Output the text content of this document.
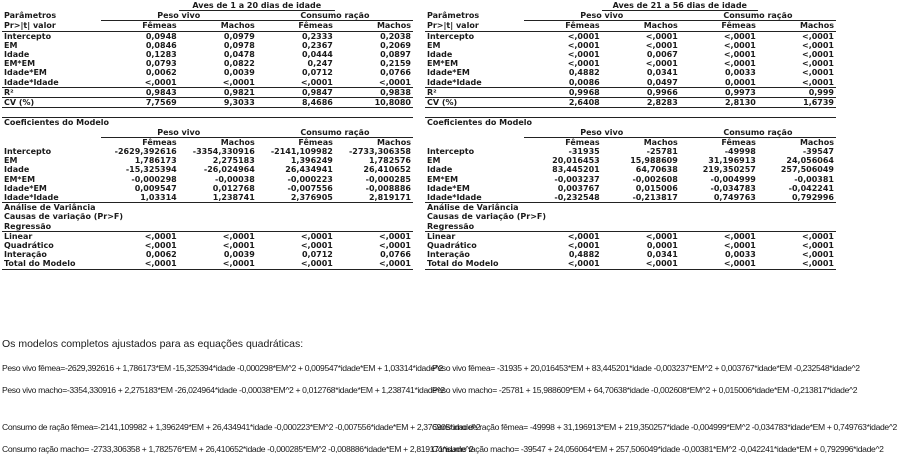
		Aves de 1 a 20 dias de idade		
Parâmetros	Peso vivo		Consumo ração	
Pr>|t| valor	Fêmeas	Machos	Fêmeas	Machos
Intercepto	0,0948	0,0979	0,2333	0,2038
EM	0,0846	0,0978	0,2367	0,2069
Idade	0,1283	0,0478	0,0444	0,0897
EM*EM	0,0793	0,0822	0,247	0,2159
Idade*EM	0,0062	0,0039	0,0712	0,0766
Idade*Idade	<,0001	<,0001	<,0001	<,0001
R²	0,9843	0,9821	0,9847	0,9838
CV (%)	7,7569	9,3033	8,4686	10,8080

Coeficientes do Modelo				
	Peso vivo		Consumo ração	
	Fêmeas	Machos	Fêmeas	Machos
Intercepto	-2629,392616	-3354,330916	-2141,109982	-2733,306358
EM	1,786173	2,275183	1,396249	1,782576
Idade	-15,325394	-26,024964	26,434941	26,410652
EM*EM	-0,000298	-0,00038	-0,000223	-0,000285
Idade*EM	0,009547	0,012768	-0,007556	-0,008886
Idade*Idade	1,03314	1,238741	2,376905	2,819171
Análise de Variância				
Causas de variação (Pr>F)				
Regressão				
Linear	<,0001	<,0001	<,0001	<,0001
Quadrático	<,0001	<,0001	<,0001	<,0001
Interação	0,0062	0,0039	0,0712	0,0766
Total do Modelo	<,0001	<,0001	<,0001	<,0001
		Aves de 21 a 56 dias de idade		
Parâmetros	Peso vivo		Consumo ração	
Pr>|t| valor	Fêmeas	Machos	Fêmeas	Machos
Intercepto	<,0001	<,0001	<,0001	<,0001
EM	<,0001	<,0001	<,0001	<,0001
Idade	<,0001	0,0067	<,0001	<,0001
EM*EM	<,0001	<,0001	<,0001	<,0001
Idade*EM	0,4882	0,0341	0,0033	<,0001
Idade*Idade	0,0086	0,0497	0,0001	<,0001
R²	0,9968	0,9966	0,9973	0,999
CV (%)	2,6408	2,8283	2,8130	1,6739

Coeficientes do Modelo				
	Peso vivo		Consumo ração	
	Fêmeas	Machos	Fêmeas	Machos
Intercepto	-31935	-25781	-49998	-39547
EM	20,016453	15,988609	31,196913	24,056064
Idade	83,445201	64,70638	219,350257	257,506049
EM*EM	-0,003237	-0,002608	-0,004999	-0,00381
Idade*EM	0,003767	0,015006	-0,034783	-0,042241
Idade*Idade	-0,232548	-0,213817	0,749763	0,792996
Análise de Variância				
Causas de variação (Pr>F)				
Regressão				
Linear	<,0001	<,0001	<,0001	<,0001
Quadrático	<,0001	0,0001	<,0001	<,0001
Interação	0,4882	0,0341	0,0033	<,0001
Total do Modelo	<,0001	<,0001	<,0001	<,0001
Os modelos completos ajustados para as equações quadráticas:
Peso vivo fêmea=-2629,392616 + 1,786173*EM -15,325394*idade -0,000298*EM^2 + 0,009547*idade*EM + 1,03314*idade^2
Peso vivo macho=-3354,330916 + 2,275183*EM -26,024964*idade -0,00038*EM^2 + 0,012768*idade*EM + 1,238741*idade^2
Consumo de ração fêmea=-2141,109982 + 1,396249*EM + 26,434941*idade -0,000223*EM^2 -0,007556*idade*EM + 2,376905*idade^2
Consumo ração macho= -2733,306358 + 1,782576*EM + 26,410652*idade -0,000285*EM^2 -0,008886*idade*EM + 2,819171*idade^2
Peso vivo fêmea= -31935 + 20,016453*EM + 83,445201*idade -0,003237*EM^2 + 0,003767*idade*EM -0,232548*idade^2
Peso vivo macho= -25781 + 15,988609*EM + 64,70638*idade -0,002608*EM^2 + 0,015006*idade*EM -0,213817*idade^2
Consumo de ração fêmea= -49998 + 31,196913*EM + 219,350257*idade -0,004999*EM^2 -0,034783*idade*EM + 0,749763*idade^2
Consumo ração macho= -39547 + 24,056064*EM + 257,506049*idade -0,00381*EM^2 -0,042241*idade*EM + 0,792996*idade^2
